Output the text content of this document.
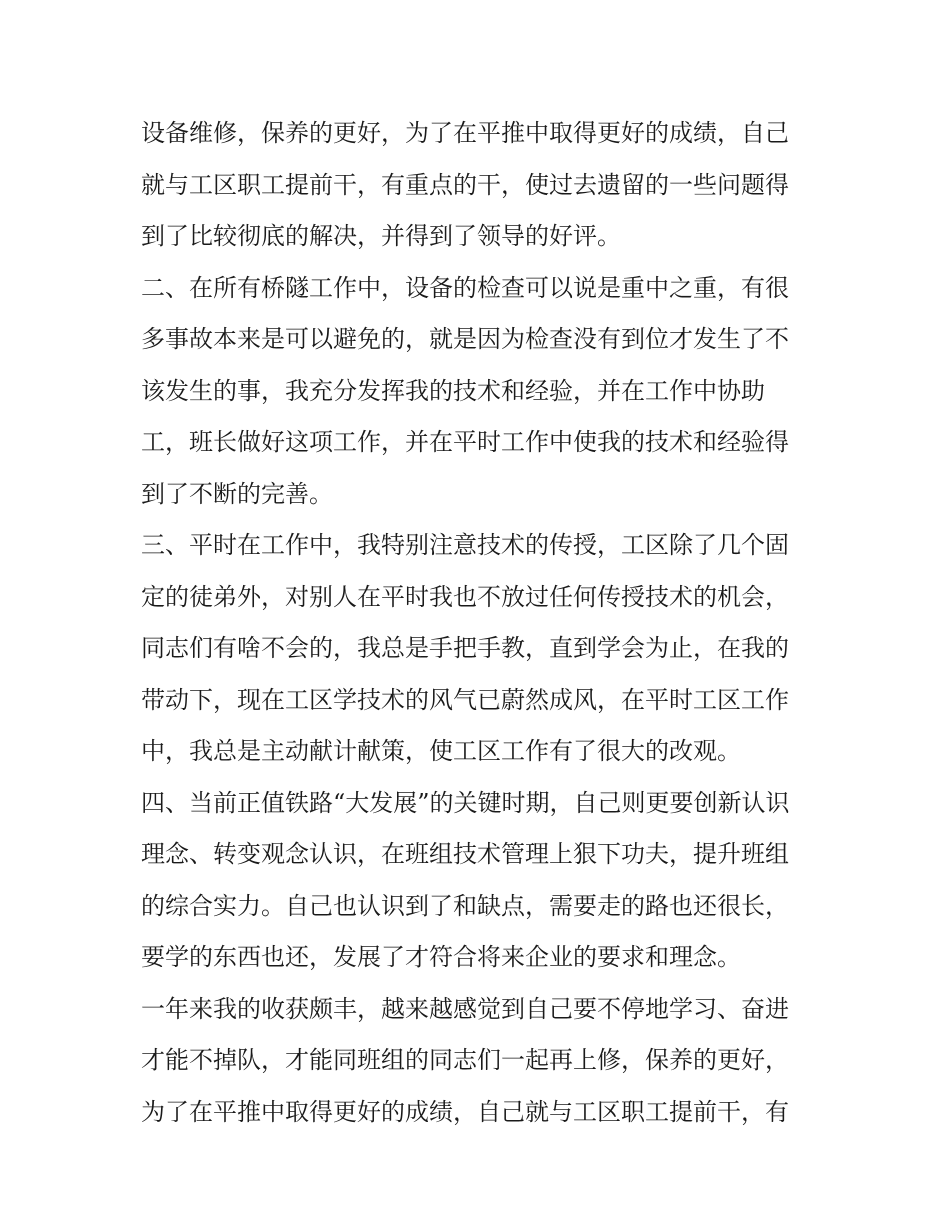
设备维修，保养的更好，为了在平推中取得更好的成绩，自己
就与工区职工提前干，有重点的干，使过去遗留的一些问题得
到了比较彻底的解决，并得到了领导的好评。
二、在所有桥隧工作中，设备的检查可以说是重中之重，有很
多事故本来是可以避免的，就是因为检查没有到位才发生了不
该发生的事，我充分发挥我的技术和经验，并在工作中协助
工，班长做好这项工作，并在平时工作中使我的技术和经验得
到了不断的完善。
三、平时在工作中，我特别注意技术的传授，工区除了几个固
定的徒弟外，对别人在平时我也不放过任何传授技术的机会，
同志们有啥不会的，我总是手把手教，直到学会为止，在我的
带动下，现在工区学技术的风气已蔚然成风，在平时工区工作
中，我总是主动献计献策，使工区工作有了很大的改观。
四、当前正值铁路“大发展”的关键时期，自己则更要创新认识
理念、转变观念认识，在班组技术管理上狠下功夫，提升班组
的综合实力。自己也认识到了和缺点，需要走的路也还很长，
要学的东西也还，发展了才符合将来企业的要求和理念。
一年来我的收获颇丰，越来越感觉到自己要不停地学习、奋进
才能不掉队，才能同班组的同志们一起再上修，保养的更好，
为了在平推中取得更好的成绩，自己就与工区职工提前干，有
